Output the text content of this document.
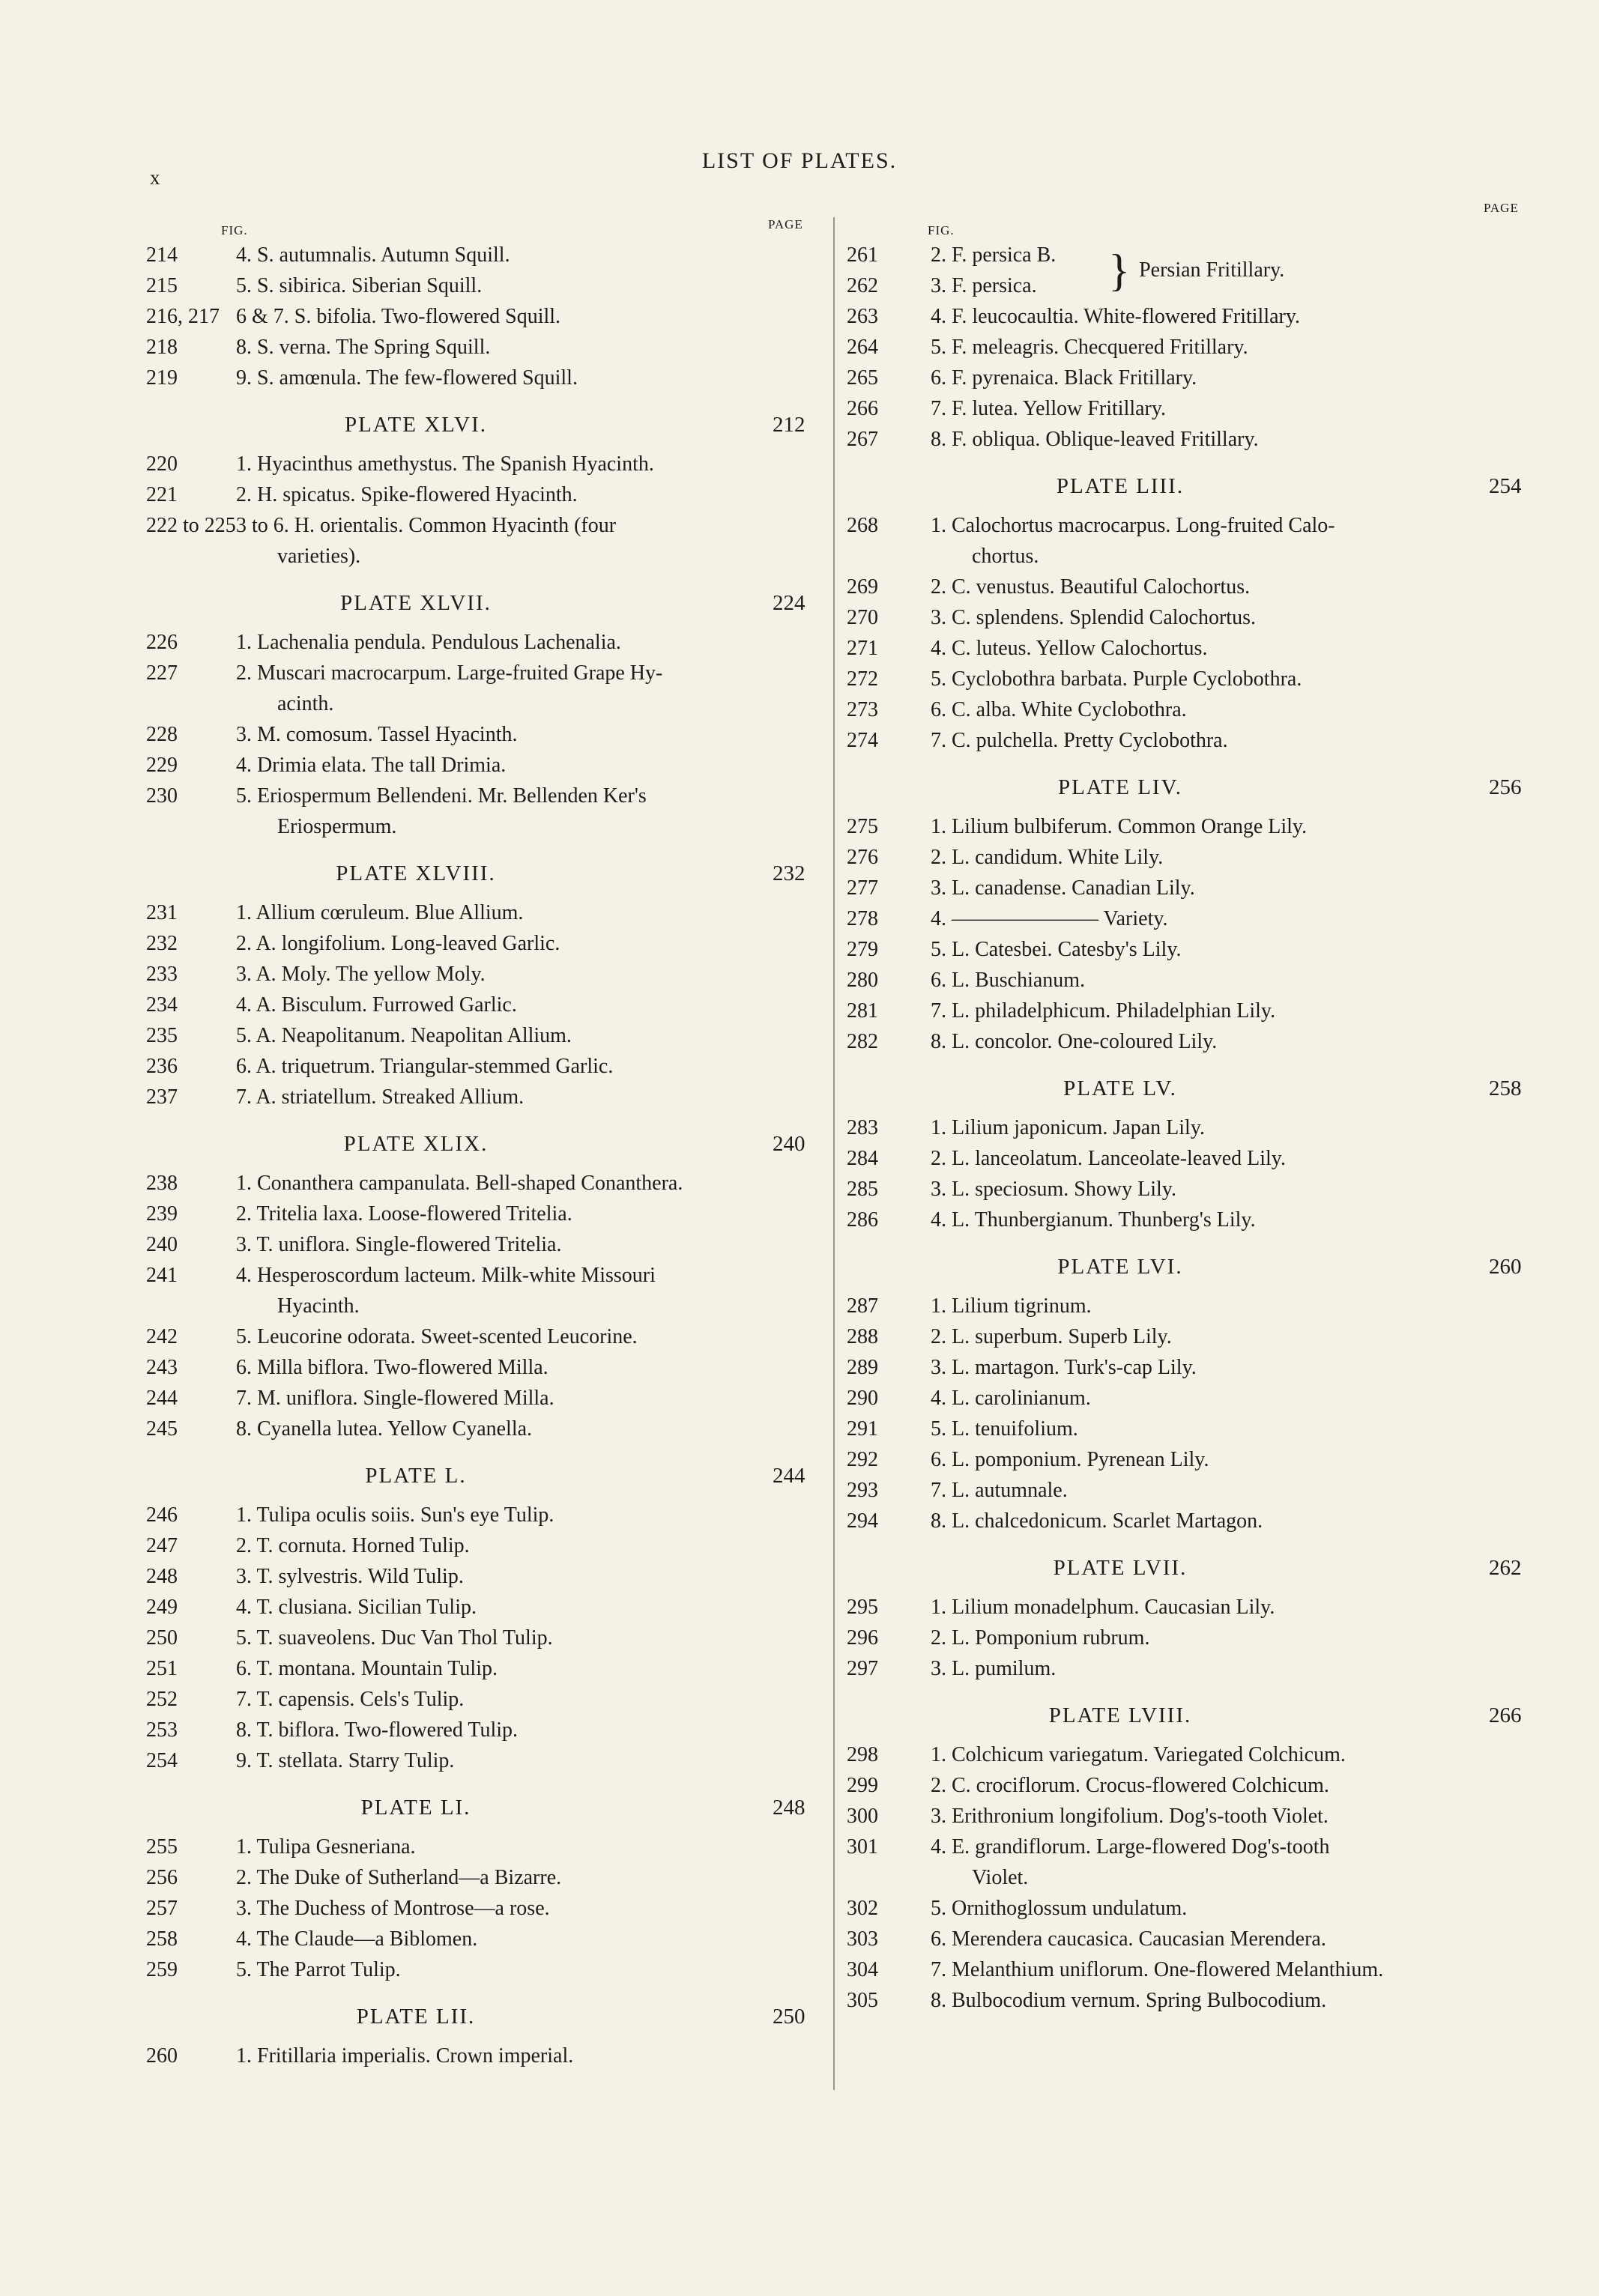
x
LIST OF PLATES.
FIG.	PAGE
214	4. S. autumnalis. Autumn Squill.
215	5. S. sibirica. Siberian Squill.
216, 217 6 & 7. S. bifolia. Two-flowered Squill.
218	8. S. verna. The Spring Squill.
219	9. S. amœnula. The few-flowered Squill.
PLATE XLVI.	212
220	1. Hyacinthus amethystus. The Spanish Hyacinth.
221	2. H. spicatus. Spike-flowered Hyacinth.
222 to 225 3 to 6. H. orientalis. Common Hyacinth (four
varieties).
PLATE XLVII.	224
226	1. Lachenalia pendula. Pendulous Lachenalia.
227	2. Muscari macrocarpum. Large-fruited Grape Hy-
acinth.
228	3. M. comosum. Tassel Hyacinth.
229	4. Drimia elata. The tall Drimia.
230	5. Eriospermum Bellendeni. Mr. Bellenden Ker's
Eriospermum.
PLATE XLVIII.	232
231	1. Allium cœruleum. Blue Allium.
232	2. A. longifolium. Long-leaved Garlic.
233	3. A. Moly. The yellow Moly.
234	4. A. Bisculum. Furrowed Garlic.
235	5. A. Neapolitanum. Neapolitan Allium.
236	6. A. triquetrum. Triangular-stemmed Garlic.
237	7. A. striatellum. Streaked Allium.
PLATE XLIX.	240
238	1. Conanthera campanulata. Bell-shaped Conanthera.
239	2. Tritelia laxa. Loose-flowered Tritelia.
240	3. T. uniflora. Single-flowered Tritelia.
241	4. Hesperoscordum lacteum. Milk-white Missouri
Hyacinth.
242	5. Leucorine odorata. Sweet-scented Leucorine.
243	6. Milla biflora. Two-flowered Milla.
244	7. M. uniflora. Single-flowered Milla.
245	8. Cyanella lutea. Yellow Cyanella.
PLATE L.	244
246	1. Tulipa oculis soiis. Sun's eye Tulip.
247	2. T. cornuta. Horned Tulip.
248	3. T. sylvestris. Wild Tulip.
249	4. T. clusiana. Sicilian Tulip.
250	5. T. suaveolens. Duc Van Thol Tulip.
251	6. T. montana. Mountain Tulip.
252	7. T. capensis. Cels's Tulip.
253	8. T. biflora. Two-flowered Tulip.
254	9. T. stellata. Starry Tulip.
PLATE LI.	248
255	1. Tulipa Gesneriana.
256	2. The Duke of Sutherland—a Bizarre.
257	3. The Duchess of Montrose—a rose.
258	4. The Claude—a Biblomen.
259	5. The Parrot Tulip.
PLATE LII.	250
260	1. Fritillaria imperialis. Crown imperial.
FIG.
PAGE
261	2. F. persica B.
262	3. F. persica.	} Persian Fritillary.
263	4. F. leucocaultia. White-flowered Fritillary.
264	5. F. meleagris. Checquered Fritillary.
265	6. F. pyrenaica. Black Fritillary.
266	7. F. lutea. Yellow Fritillary.
267	8. F. obliqua. Oblique-leaved Fritillary.
PLATE LIII.	254
268	1. Calochortus macrocarpus. Long-fruited Calo-
chortus.
269	2. C. venustus. Beautiful Calochortus.
270	3. C. splendens. Splendid Calochortus.
271	4. C. luteus. Yellow Calochortus.
272	5. Cyclobothra barbata. Purple Cyclobothra.
273	6. C. alba. White Cyclobothra.
274	7. C. pulchella. Pretty Cyclobothra.
PLATE LIV.	256
275	1. Lilium bulbiferum. Common Orange Lily.
276	2. L. candidum. White Lily.
277	3. L. canadense. Canadian Lily.
278	4. ——————— Variety.
279	5. L. Catesbei. Catesby's Lily.
280	6. L. Buschianum.
281	7. L. philadelphicum. Philadelphian Lily.
282	8. L. concolor. One-coloured Lily.
PLATE LV.	258
283	1. Lilium japonicum. Japan Lily.
284	2. L. lanceolatum. Lanceolate-leaved Lily.
285	3. L. speciosum. Showy Lily.
286	4. L. Thunbergianum. Thunberg's Lily.
PLATE LVI.	260
287	1. Lilium tigrinum.
288	2. L. superbum. Superb Lily.
289	3. L. martagon. Turk's-cap Lily.
290	4. L. carolinianum.
291	5. L. tenuifolium.
292	6. L. pomponium. Pyrenean Lily.
293	7. L. autumnale.
294	8. L. chalcedonicum. Scarlet Martagon.
PLATE LVII.	262
295	1. Lilium monadelphum. Caucasian Lily.
296	2. L. Pomponium rubrum.
297	3. L. pumilum.
PLATE LVIII.	266
298	1. Colchicum variegatum. Variegated Colchicum.
299	2. C. crociflorum. Crocus-flowered Colchicum.
300	3. Erithronium longifolium. Dog's-tooth Violet.
301	4. E. grandiflorum. Large-flowered Dog's-tooth
Violet.
302	5. Ornithoglossum undulatum.
303	6. Merendera caucasica. Caucasian Merendera.
304	7. Melanthium uniflorum. One-flowered Melanthium.
305	8. Bulbocodium vernum. Spring Bulbocodium.
